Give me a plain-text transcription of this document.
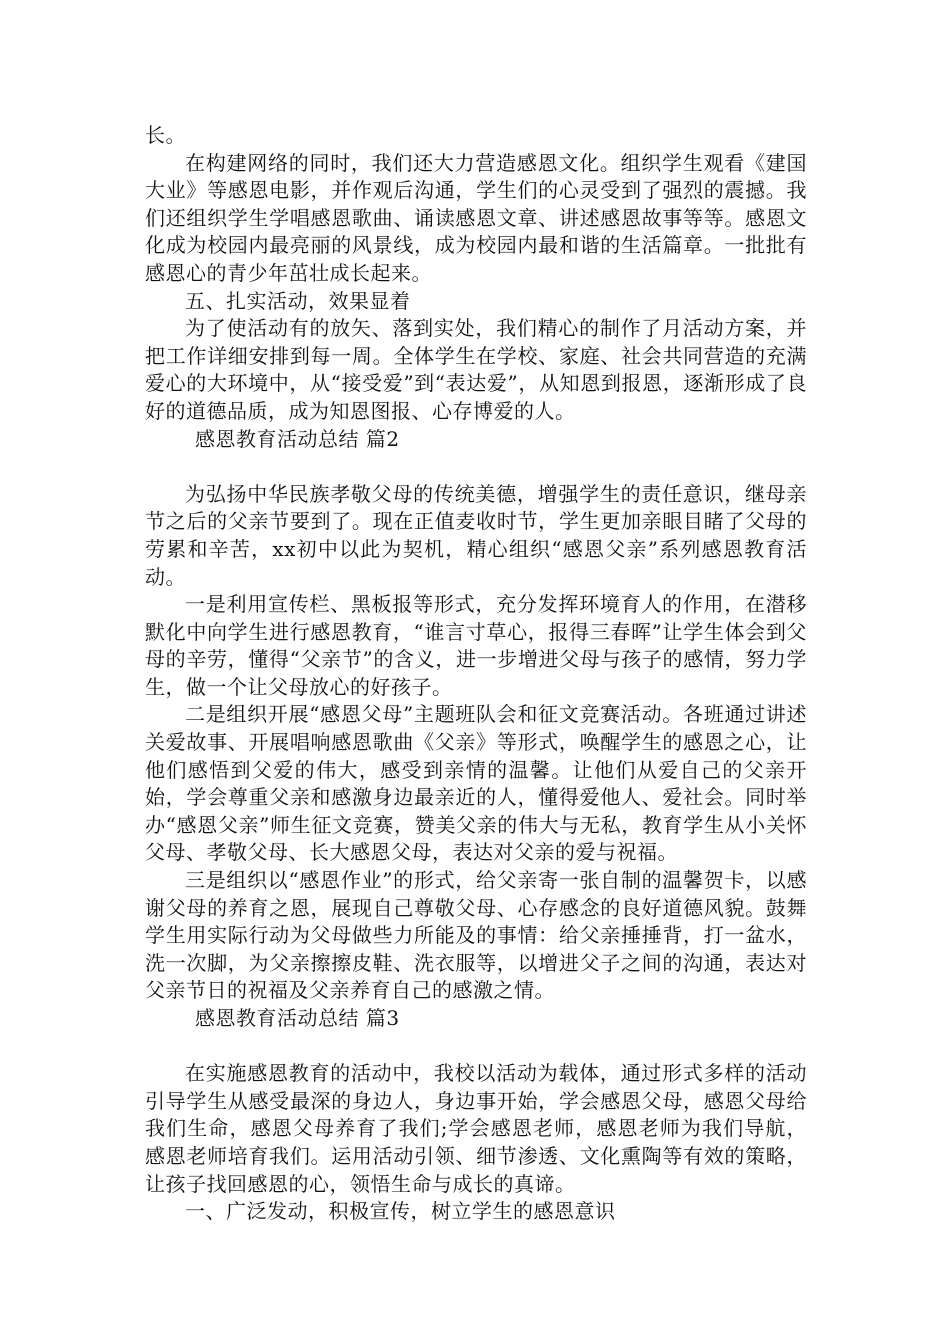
长。

在构建网络的同时，我们还大力营造感恩文化。组织学生观看《建国大业》等感恩电影，并作观后沟通，学生们的心灵受到了强烈的震撼。我们还组织学生学唱感恩歌曲、诵读感恩文章、讲述感恩故事等等。感恩文化成为校园内最亮丽的风景线，成为校园内最和谐的生活篇章。一批批有感恩心的青少年茁壮成长起来。

五、扎实活动，效果显着

为了使活动有的放矢、落到实处，我们精心的制作了月活动方案，并把工作详细安排到每一周。全体学生在学校、家庭、社会共同营造的充满爱心的大环境中，从“接受爱”到“表达爱”，从知恩到报恩，逐渐形成了良好的道德品质，成为知恩图报、心存博爱的人。

感恩教育活动总结 篇2

为弘扬中华民族孝敬父母的传统美德，增强学生的责任意识，继母亲节之后的父亲节要到了。现在正值麦收时节，学生更加亲眼目睹了父母的劳累和辛苦，xx初中以此为契机，精心组织“感恩父亲”系列感恩教育活动。

一是利用宣传栏、黑板报等形式，充分发挥环境育人的作用，在潜移默化中向学生进行感恩教育，“谁言寸草心，报得三春晖”让学生体会到父母的辛劳，懂得“父亲节”的含义，进一步增进父母与孩子的感情，努力学生，做一个让父母放心的好孩子。

二是组织开展“感恩父母”主题班队会和征文竞赛活动。各班通过讲述关爱故事、开展唱响感恩歌曲《父亲》等形式，唤醒学生的感恩之心，让他们感悟到父爱的伟大，感受到亲情的温馨。让他们从爱自己的父亲开始，学会尊重父亲和感激身边最亲近的人，懂得爱他人、爱社会。同时举办“感恩父亲”师生征文竞赛，赞美父亲的伟大与无私，教育学生从小关怀父母、孝敬父母、长大感恩父母，表达对父亲的爱与祝福。

三是组织以“感恩作业”的形式，给父亲寄一张自制的温馨贺卡，以感谢父母的养育之恩，展现自己尊敬父母、心存感念的良好道德风貌。鼓舞学生用实际行动为父母做些力所能及的事情：给父亲捶捶背，打一盆水，洗一次脚，为父亲擦擦皮鞋、洗衣服等，以增进父子之间的沟通，表达对父亲节日的祝福及父亲养育自己的感激之情。

感恩教育活动总结 篇3

在实施感恩教育的活动中，我校以活动为载体，通过形式多样的活动引导学生从感受最深的身边人，身边事开始，学会感恩父母，感恩父母给我们生命，感恩父母养育了我们;学会感恩老师，感恩老师为我们导航，感恩老师培育我们。运用活动引领、细节渗透、文化熏陶等有效的策略，让孩子找回感恩的心，领悟生命与成长的真谛。

一、广泛发动，积极宣传，树立学生的感恩意识
